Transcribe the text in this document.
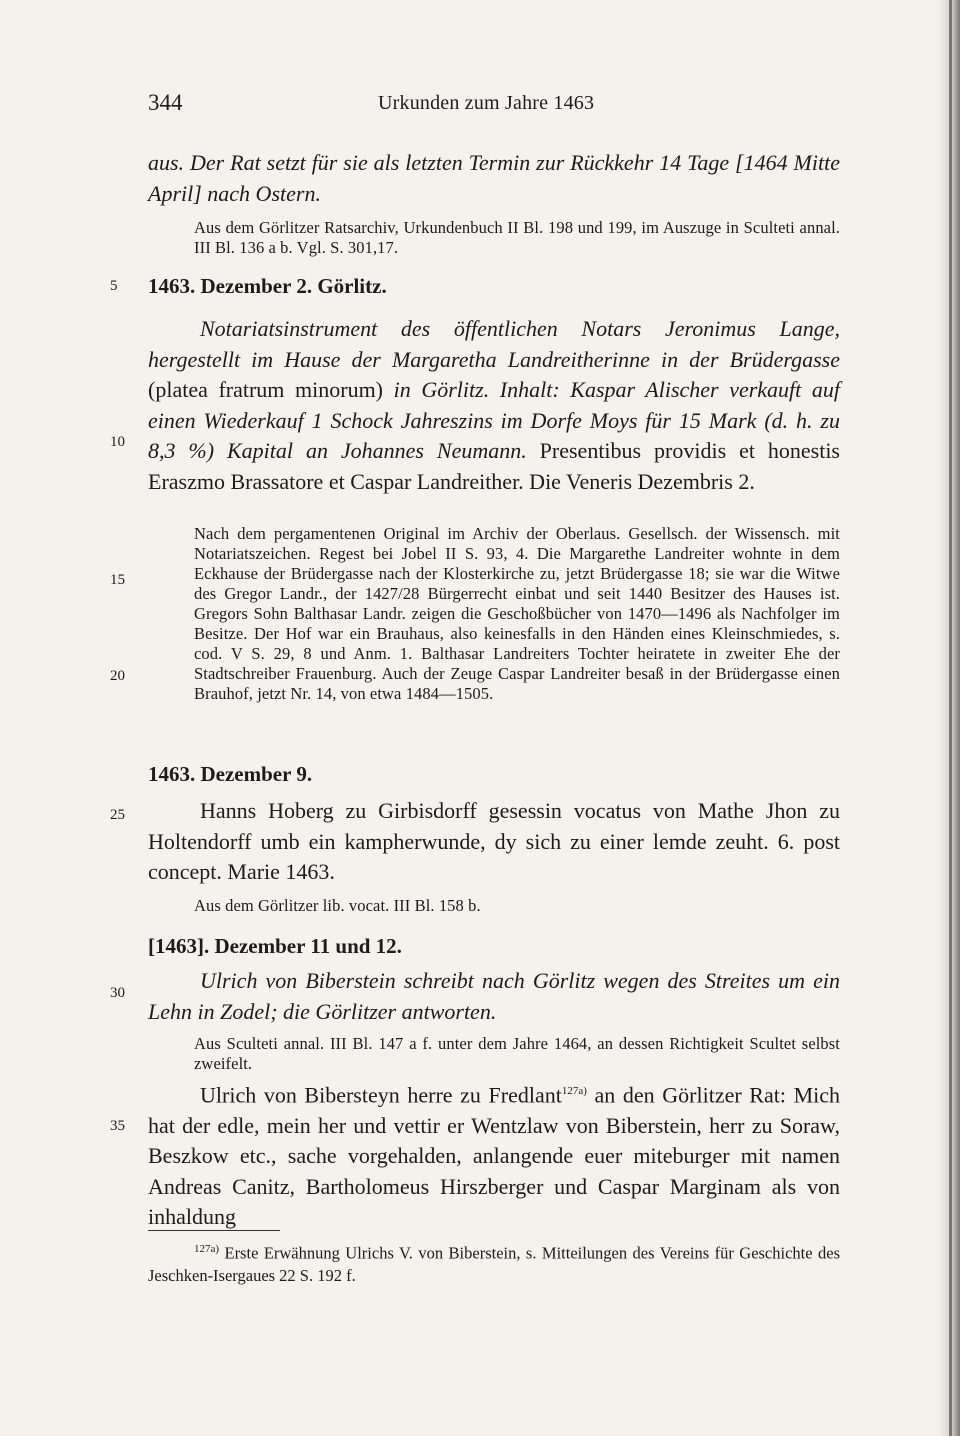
344	Urkunden zum Jahre 1463
5
10
15
20
25
30
35

aus. Der Rat setzt für sie als letzten Termin zur Rückkehr 14 Tage [1464 Mitte April] nach Ostern.

Aus dem Görlitzer Ratsarchiv, Urkundenbuch II Bl. 198 und 199, im Auszuge in Sculteti annal. III Bl. 136 a b. Vgl. S. 301,17.

1463. Dezember 2. Görlitz.

Notariatsinstrument des öffentlichen Notars Jeronimus Lange, hergestellt im Hause der Margaretha Landreitherinne in der Brüdergasse (platea fratrum minorum) in Görlitz. Inhalt: Kaspar Alischer verkauft auf einen Wiederkauf 1 Schock Jahreszins im Dorfe Moys für 15 Mark (d. h. zu 8,3 %) Kapital an Johannes Neumann. Presentibus providis et honestis Eraszmo Brassatore et Caspar Landreither. Die Veneris Dezembris 2.

Nach dem pergamentenen Original im Archiv der Oberlaus. Gesellsch. der Wissensch. mit Notariatszeichen. Regest bei Jobel II S. 93, 4. Die Margarethe Landreiter wohnte in dem Eckhause der Brüdergasse nach der Klosterkirche zu, jetzt Brüdergasse 18; sie war die Witwe des Gregor Landr., der 1427/28 Bürgerrecht einbat und seit 1440 Besitzer des Hauses ist. Gregors Sohn Balthasar Landr. zeigen die Geschoßbücher von 1470—1496 als Nachfolger im Besitze. Der Hof war ein Brauhaus, also keinesfalls in den Händen eines Kleinschmiedes, s. cod. V S. 29, 8 und Anm. 1. Balthasar Landreiters Tochter heiratete in zweiter Ehe der Stadtschreiber Frauenburg. Auch der Zeuge Caspar Landreiter besaß in der Brüdergasse einen Brauhof, jetzt Nr. 14, von etwa 1484—1505.

1463. Dezember 9.

Hanns Hoberg zu Girbisdorff gesessin vocatus von Mathe Jhon zu Holtendorff umb ein kampherwunde, dy sich zu einer lemde zeuht. 6. post concept. Marie 1463.

Aus dem Görlitzer lib. vocat. III Bl. 158 b.

[1463]. Dezember 11 und 12.

Ulrich von Biberstein schreibt nach Görlitz wegen des Streites um ein Lehn in Zodel; die Görlitzer antworten.

Aus Sculteti annal. III Bl. 147 a f. unter dem Jahre 1464, an dessen Richtigkeit Scultet selbst zweifelt.

Ulrich von Bibersteyn herre zu Fredlant$^{127a)}$ an den Görlitzer Rat: Mich hat der edle, mein her und vettir er Wentzlaw von Biberstein, herr zu Soraw, Beszkow etc., sache vorgehalden, anlangende euer miteburger mit namen Andreas Canitz, Bartholomeus Hirszberger und Caspar Marginam als von inhaldung

$^{127a)}$ Erste Erwähnung Ulrichs V. von Biberstein, s. Mitteilungen des Vereins für Geschichte des Jeschken-Isergaues 22 S. 192 f.
